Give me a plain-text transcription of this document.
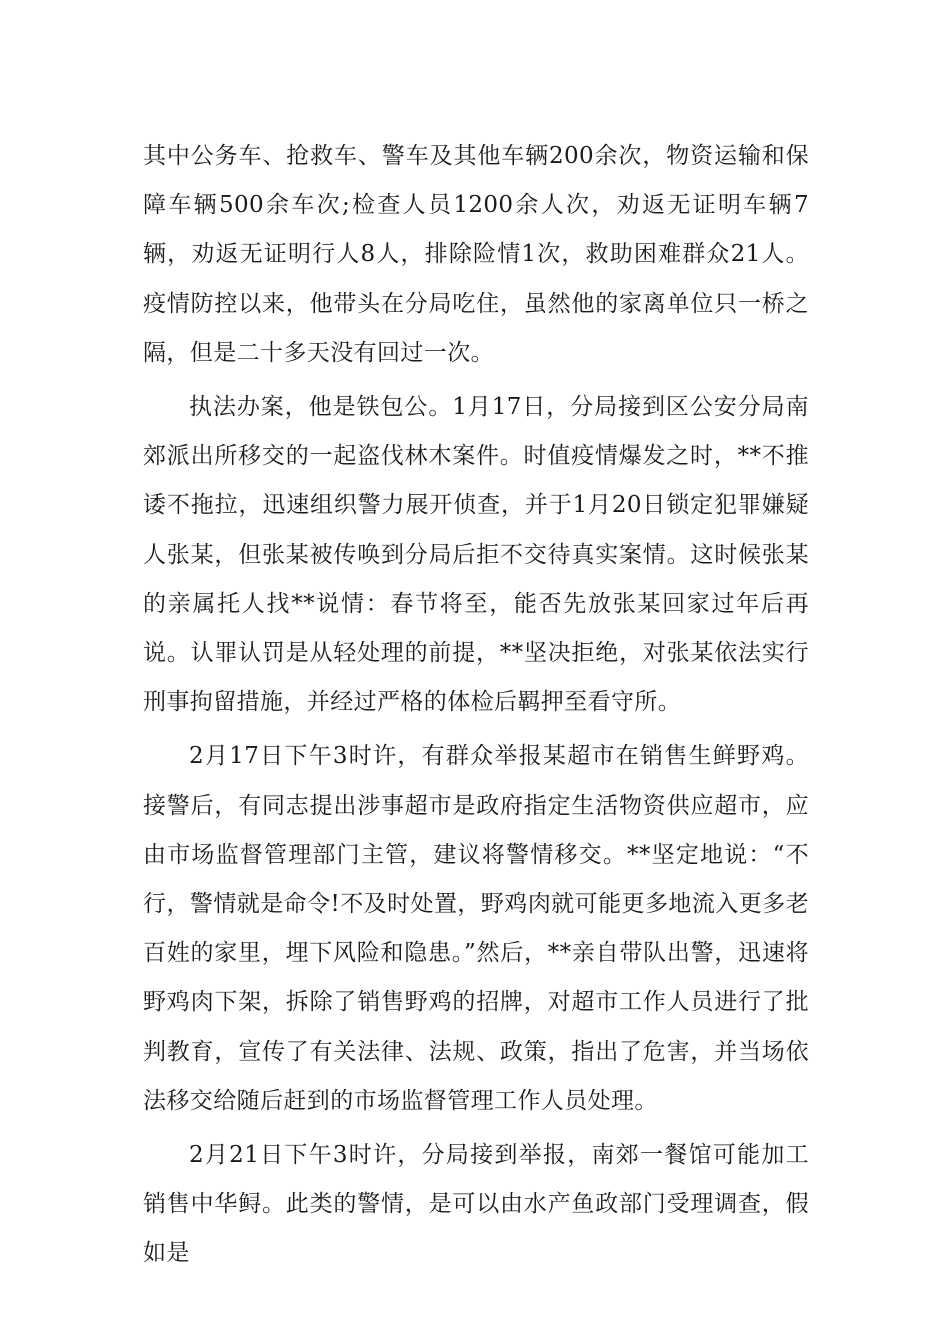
其中公务车、抢救车、警车及其他车辆200余次，物资运输和保障车辆500余车次;检查人员1200余人次，劝返无证明车辆7辆，劝返无证明行人8人，排除险情1次，救助困难群众21人。疫情防控以来，他带头在分局吃住，虽然他的家离单位只一桥之隔，但是二十多天没有回过一次。

执法办案，他是铁包公。1月17日，分局接到区公安分局南郊派出所移交的一起盗伐林木案件。时值疫情爆发之时，**不推诿不拖拉，迅速组织警力展开侦查，并于1月20日锁定犯罪嫌疑人张某，但张某被传唤到分局后拒不交待真实案情。这时候张某的亲属托人找**说情：春节将至，能否先放张某回家过年后再说。认罪认罚是从轻处理的前提，**坚决拒绝，对张某依法实行刑事拘留措施，并经过严格的体检后羁押至看守所。

2月17日下午3时许，有群众举报某超市在销售生鲜野鸡。接警后，有同志提出涉事超市是政府指定生活物资供应超市，应由市场监督管理部门主管，建议将警情移交。**坚定地说：“不行，警情就是命令!不及时处置，野鸡肉就可能更多地流入更多老百姓的家里，埋下风险和隐患。”然后，**亲自带队出警，迅速将野鸡肉下架，拆除了销售野鸡的招牌，对超市工作人员进行了批判教育，宣传了有关法律、法规、政策，指出了危害，并当场依法移交给随后赶到的市场监督管理工作人员处理。

2月21日下午3时许，分局接到举报，南郊一餐馆可能加工销售中华鲟。此类的警情，是可以由水产鱼政部门受理调查，假如是
